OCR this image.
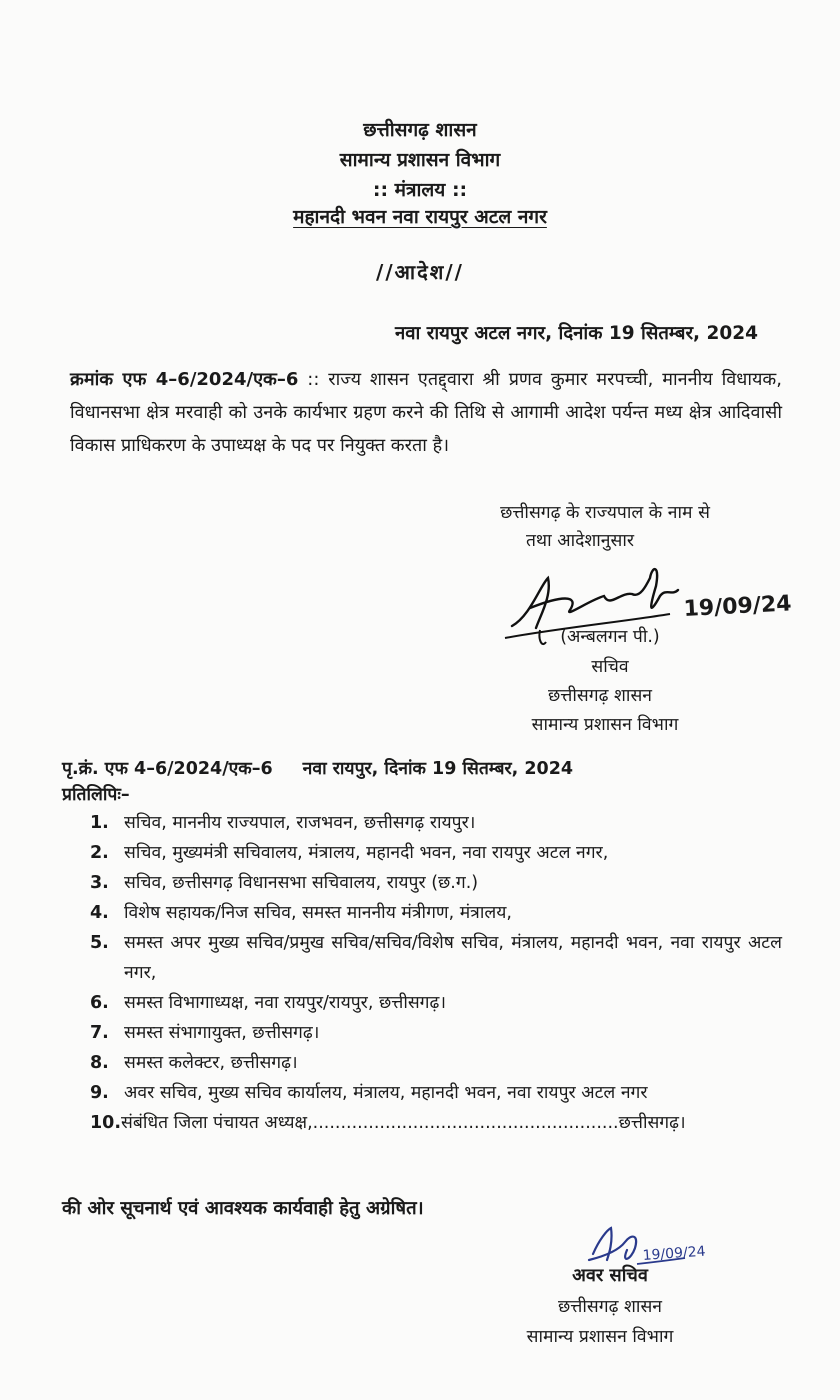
छत्तीसगढ़ शासन
सामान्य प्रशासन विभाग
:: मंत्रालय ::
महानदी भवन नवा रायपुर अटल नगर
//आदेश//
नवा रायपुर अटल नगर, दिनांक 19 सितम्बर, 2024
क्रमांक एफ 4–6/2024/एक–6 :: राज्य शासन एतद्द्वारा श्री प्रणव कुमार मरपच्ची, माननीय विधायक, विधानसभा क्षेत्र मरवाही को उनके कार्यभार ग्रहण करने की तिथि से आगामी आदेश पर्यन्त मध्य क्षेत्र आदिवासी विकास प्राधिकरण के उपाध्यक्ष के पद पर नियुक्त करता है।
छत्तीसगढ़ के राज्यपाल के नाम से
तथा आदेशानुसार
19/09/24
(अन्बलगन पी.)
सचिव
छत्तीसगढ़ शासन
सामान्य प्रशासन विभाग
पृ.क्रं. एफ 4–6/2024/एक–6 नवा रायपुर, दिनांक 19 सितम्बर, 2024
प्रतिलिपिः–
1. सचिव, माननीय राज्यपाल, राजभवन, छत्तीसगढ़ रायपुर।
2. सचिव, मुख्यमंत्री सचिवालय, मंत्रालय, महानदी भवन, नवा रायपुर अटल नगर,
3. सचिव, छत्तीसगढ़ विधानसभा सचिवालय, रायपुर (छ.ग.)
4. विशेष सहायक/निज सचिव, समस्त माननीय मंत्रीगण, मंत्रालय,
5. समस्त अपर मुख्य सचिव/प्रमुख सचिव/सचिव/विशेष सचिव, मंत्रालय, महानदी भवन, नवा रायपुर अटल नगर,
6. समस्त विभागाध्यक्ष, नवा रायपुर/रायपुर, छत्तीसगढ़।
7. समस्त संभागायुक्त, छत्तीसगढ़।
8. समस्त कलेक्टर, छत्तीसगढ़।
9. अवर सचिव, मुख्य सचिव कार्यालय, मंत्रालय, महानदी भवन, नवा रायपुर अटल नगर
10.संबंधित जिला पंचायत अध्यक्ष,.......................................................छत्तीसगढ़।
की ओर सूचनार्थ एवं आवश्यक कार्यवाही हेतु अग्रेषित।
19/09/24
अवर सचिव
छत्तीसगढ़ शासन
सामान्य प्रशासन विभाग
